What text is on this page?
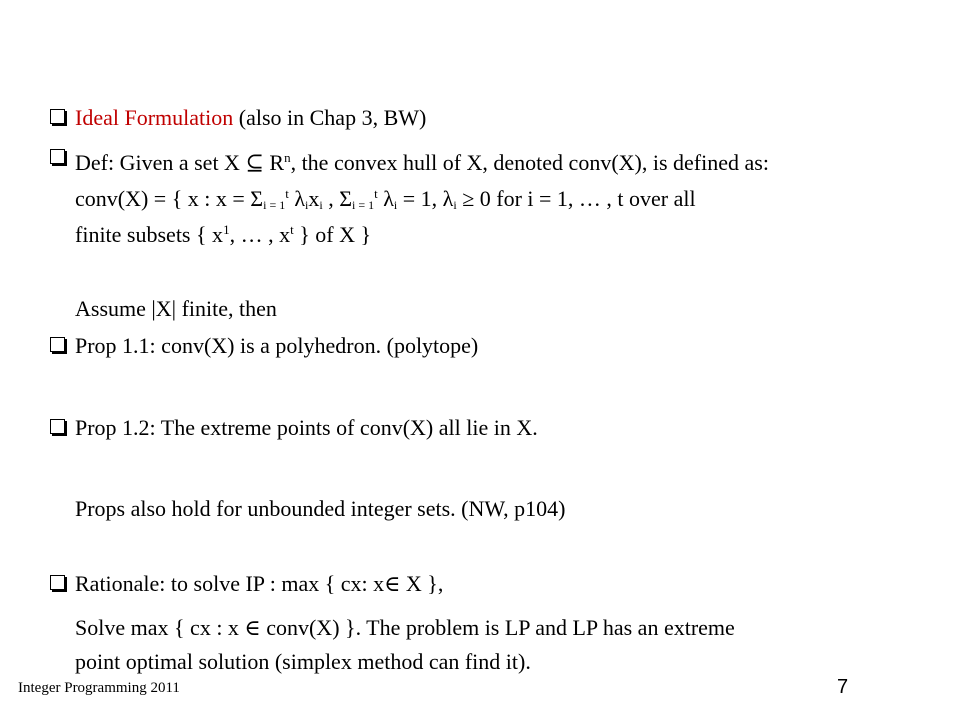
Ideal Formulation (also in Chap 3, BW)
Def: Given a set X ⊆ $R^n$, the convex hull of X, denoted conv(X), is defined as:
conv(X) = { x : $x = \Sigma_{i = 1}^t$ $\lambda_ix_i$ , $\Sigma_{i = 1}^t$ $\lambda_i = 1$, $\lambda_i \ge 0$ for i = 1, … , t over all
finite subsets { $x^1$, … , $x^t$ } of X }
Assume |X| finite, then
Prop 1.1: conv(X) is a polyhedron. (polytope)
Prop 1.2: The extreme points of conv(X) all lie in X.
Props also hold for unbounded integer sets. (NW, p104)
Rationale: to solve IP : max { cx: x∈ X },
Solve max { cx : x ∈ conv(X) }. The problem is LP and LP has an extreme
point optimal solution (simplex method can find it).
Integer Programming 2011	7
